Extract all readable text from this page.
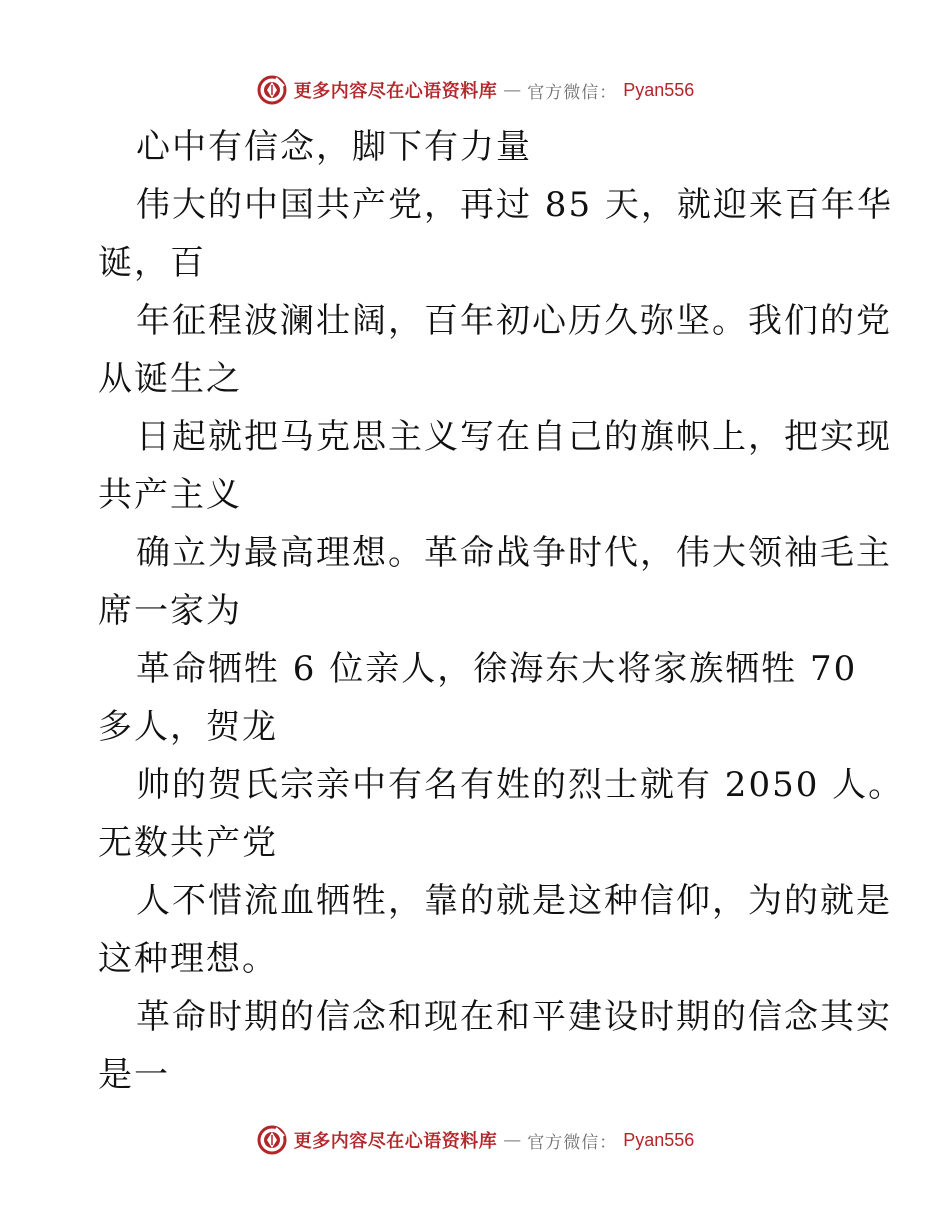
更多内容尽在心语资料库 — 官方微信： Pyan556
心中有信念，脚下有力量
伟大的中国共产党，再过 85 天，就迎来百年华
诞，百
年征程波澜壮阔，百年初心历久弥坚。我们的党
从诞生之
日起就把马克思主义写在自己的旗帜上，把实现
共产主义
确立为最高理想。革命战争时代，伟大领袖毛主
席一家为
革命牺牲 6 位亲人，徐海东大将家族牺牲 70
多人，贺龙
帅的贺氏宗亲中有名有姓的烈士就有 2050 人。
无数共产党
人不惜流血牺牲，靠的就是这种信仰，为的就是
这种理想。
革命时期的信念和现在和平建设时期的信念其实
是一
更多内容尽在心语资料库 — 官方微信： Pyan556
